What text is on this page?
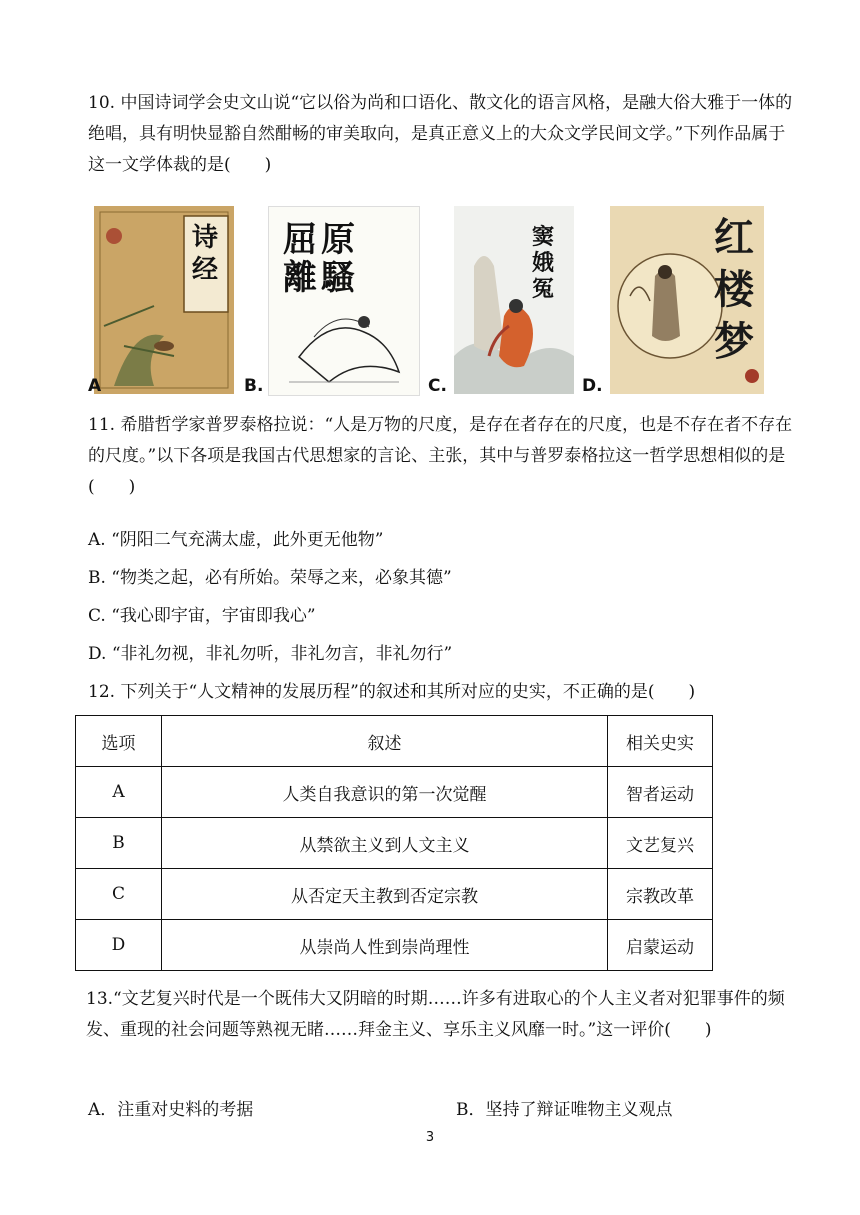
10. 中国诗词学会史文山说“它以俗为尚和口语化、散文化的语言风格，是融大俗大雅于一体的绝唱，具有明快显豁自然酣畅的审美取向，是真正意义上的大众文学民间文学。”下列作品属于这一文学体裁的是(　　)

诗经
A
屈原 離騷
B.
窦娥冤
C.
红楼梦
D.

11. 希腊哲学家普罗泰格拉说：“人是万物的尺度，是存在者存在的尺度，也是不存在者不存在的尺度。”以下各项是我国古代思想家的言论、主张，其中与普罗泰格拉这一哲学思想相似的是(　　)

A. “阴阳二气充满太虚，此外更无他物”
B. “物类之起，必有所始。荣辱之来，必象其德”
C. “我心即宇宙，宇宙即我心”
D. “非礼勿视，非礼勿听，非礼勿言，非礼勿行”
12. 下列关于“人文精神的发展历程”的叙述和其所对应的史实，不正确的是(　　)
选项	叙述	相关史实
A	人类自我意识的第一次觉醒	智者运动
B	从禁欲主义到人文主义	文艺复兴
C	从否定天主教到否定宗教	宗教改革
D	从崇尚人性到崇尚理性	启蒙运动

13.“文艺复兴时代是一个既伟大又阴暗的时期……许多有进取心的个人主义者对犯罪事件的频发、重现的社会问题等熟视无睹……拜金主义、享乐主义风靡一时。”这一评价(　　)

A．注重对史料的考据	B．坚持了辩证唯物主义观点
3
